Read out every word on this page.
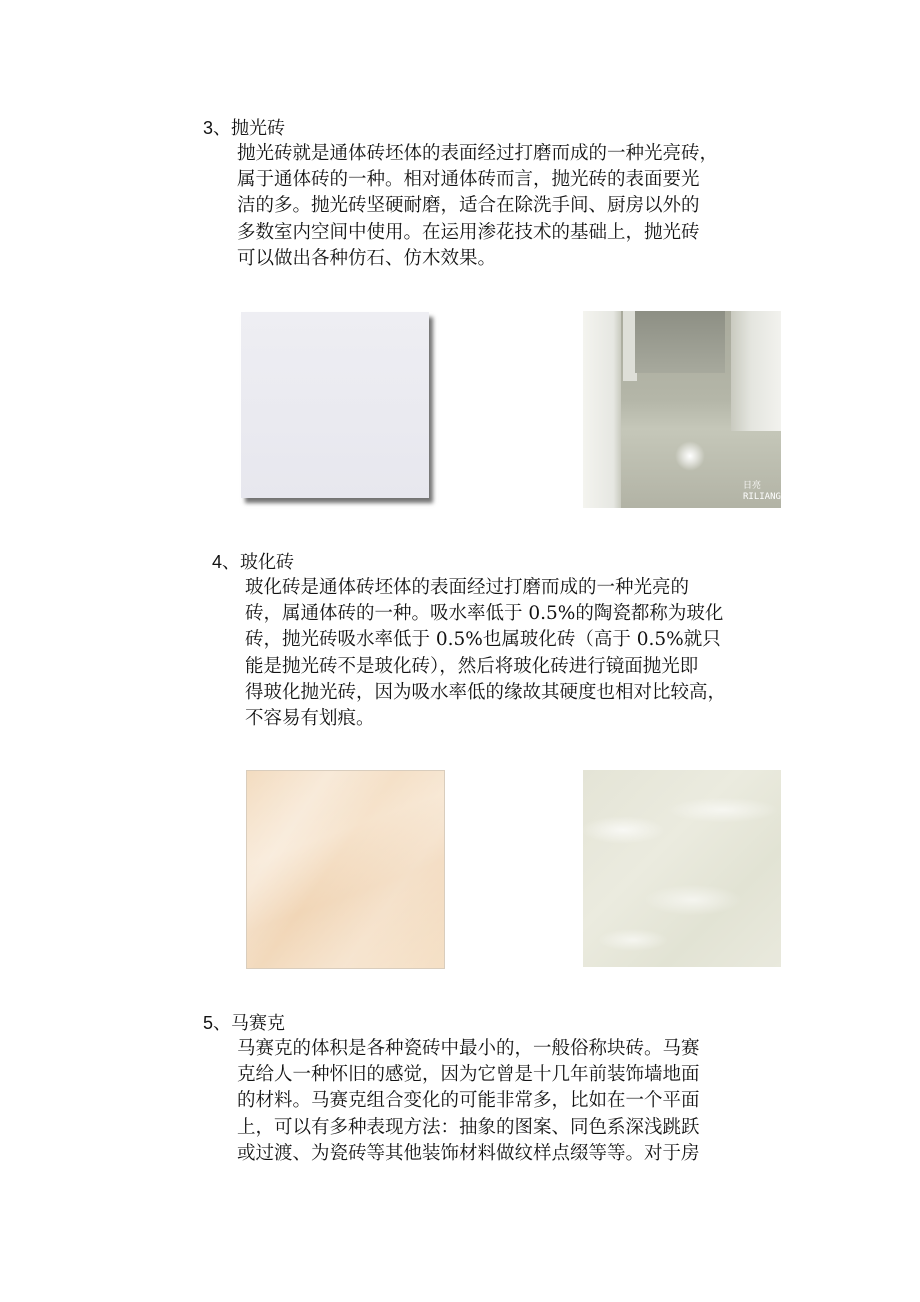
3、抛光砖
抛光砖就是通体砖坯体的表面经过打磨而成的一种光亮砖，
属于通体砖的一种。相对通体砖而言，抛光砖的表面要光
洁的多。抛光砖坚硬耐磨，适合在除洗手间、厨房以外的
多数室内空间中使用。在运用渗花技术的基础上，抛光砖
可以做出各种仿石、仿木效果。
日亮
RILIANG
4、玻化砖
玻化砖是通体砖坯体的表面经过打磨而成的一种光亮的
砖，属通体砖的一种。吸水率低于 0.5%的陶瓷都称为玻化
砖，抛光砖吸水率低于 0.5%也属玻化砖（高于 0.5%就只
能是抛光砖不是玻化砖），然后将玻化砖进行镜面抛光即
得玻化抛光砖，因为吸水率低的缘故其硬度也相对比较高，
不容易有划痕。
5、马赛克
马赛克的体积是各种瓷砖中最小的，一般俗称块砖。马赛
克给人一种怀旧的感觉，因为它曾是十几年前装饰墙地面
的材料。马赛克组合变化的可能非常多，比如在一个平面
上，可以有多种表现方法：抽象的图案、同色系深浅跳跃
或过渡、为瓷砖等其他装饰材料做纹样点缀等等。对于房
